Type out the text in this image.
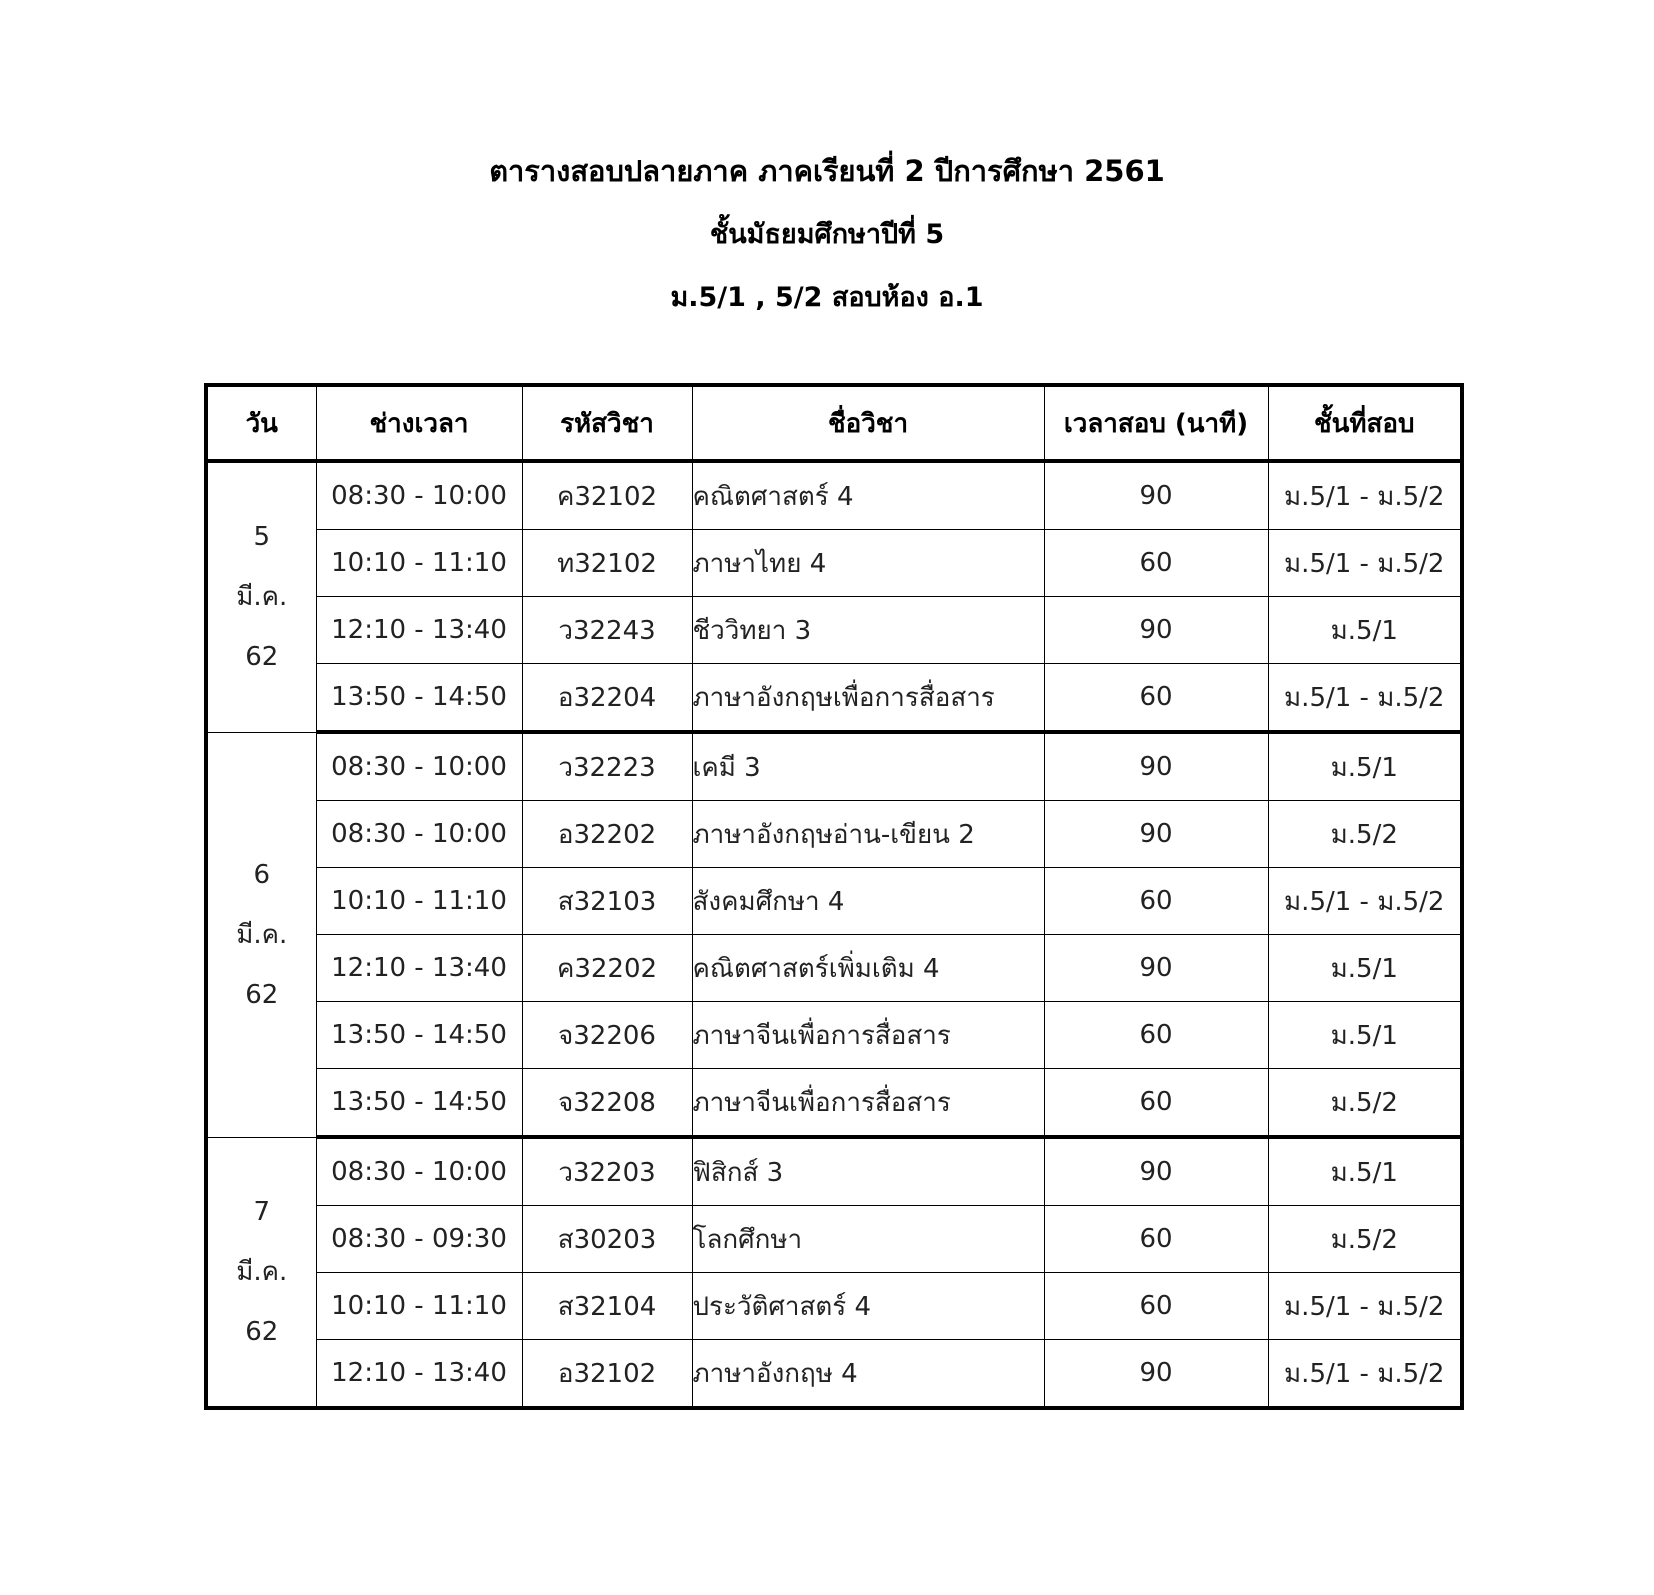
ตารางสอบปลายภาค ภาคเรียนที่ 2 ปีการศึกษา 2561
ชั้นมัธยมศึกษาปีที่ 5
ม.5/1 , 5/2 สอบห้อง อ.1
วัน	ช่างเวลา	รหัสวิชา	ชื่อวิชา	เวลาสอบ (นาที)	ชั้นที่สอบ

5
มี.ค.
62	08:30 - 10:00	ค32102	คณิตศาสตร์ 4	90	ม.5/1 - ม.5/2
	10:10 - 11:10	ท32102	ภาษาไทย 4	60	ม.5/1 - ม.5/2
	12:10 - 13:40	ว32243	ชีววิทยา 3	90	ม.5/1
	13:50 - 14:50	อ32204	ภาษาอังกฤษเพื่อการสื่อสาร	60	ม.5/1 - ม.5/2

6
มี.ค.
62	08:30 - 10:00	ว32223	เคมี 3	90	ม.5/1
	08:30 - 10:00	อ32202	ภาษาอังกฤษอ่าน-เขียน 2	90	ม.5/2
	10:10 - 11:10	ส32103	สังคมศึกษา 4	60	ม.5/1 - ม.5/2
	12:10 - 13:40	ค32202	คณิตศาสตร์เพิ่มเติม 4	90	ม.5/1
	13:50 - 14:50	จ32206	ภาษาจีนเพื่อการสื่อสาร	60	ม.5/1
	13:50 - 14:50	จ32208	ภาษาจีนเพื่อการสื่อสาร	60	ม.5/2

7
มี.ค.
62	08:30 - 10:00	ว32203	ฟิสิกส์ 3	90	ม.5/1
	08:30 - 09:30	ส30203	โลกศึกษา	60	ม.5/2
	10:10 - 11:10	ส32104	ประวัติศาสตร์ 4	60	ม.5/1 - ม.5/2
	12:10 - 13:40	อ32102	ภาษาอังกฤษ 4	90	ม.5/1 - ม.5/2
